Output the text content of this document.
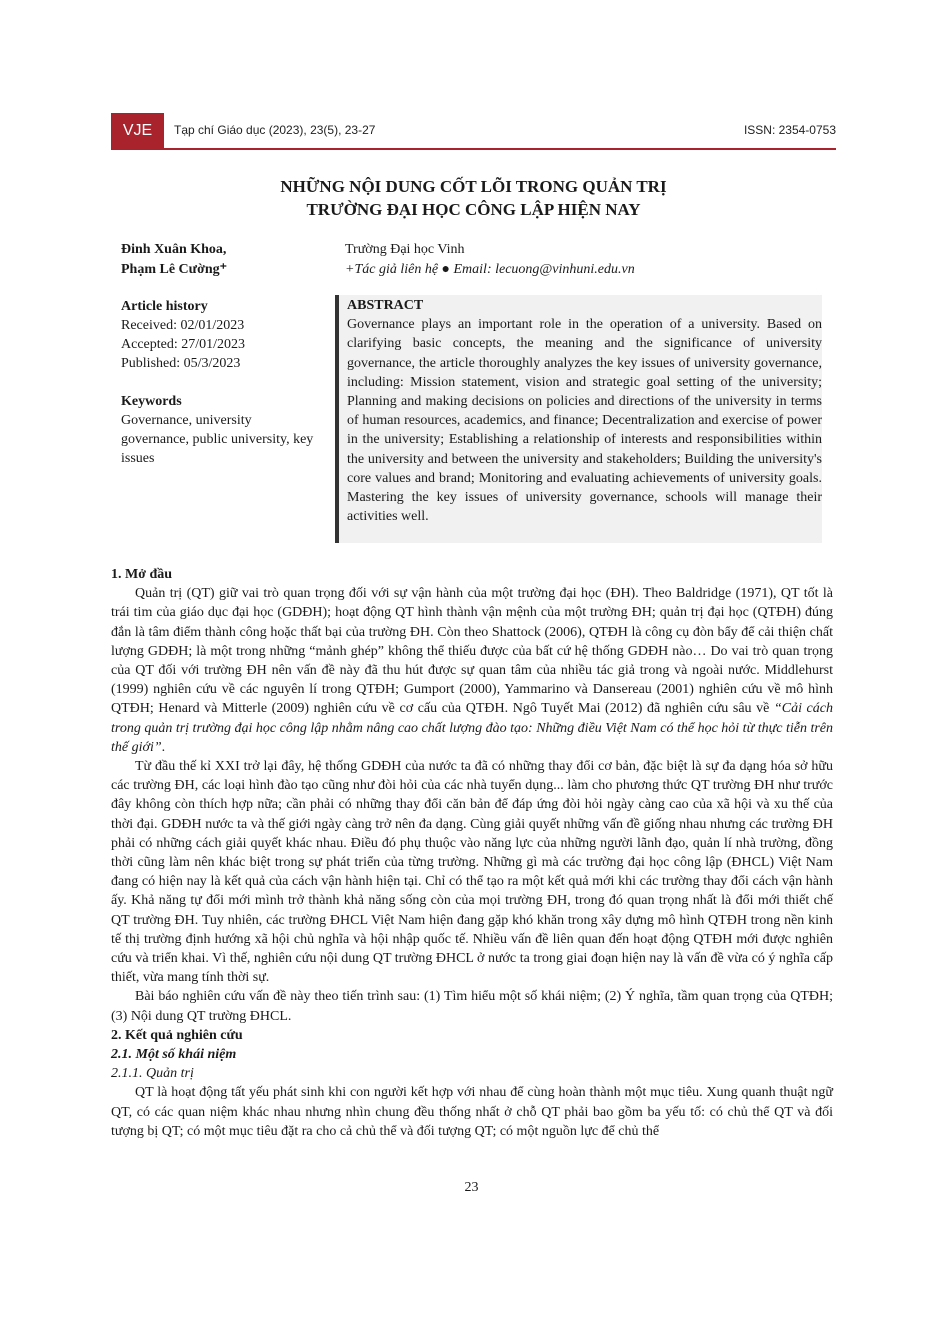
VJE	Tạp chí Giáo dục (2023), 23(5), 23-27	ISSN: 2354-0753
NHỮNG NỘI DUNG CỐT LÕI TRONG QUẢN TRỊ
TRƯỜNG ĐẠI HỌC CÔNG LẬP HIỆN NAY
Đinh Xuân Khoa,
Phạm Lê Cường⁺
Trường Đại học Vinh
+Tác giả liên hệ ● Email: lecuong@vinhuni.edu.vn
Article history
Received: 02/01/2023
Accepted: 27/01/2023
Published: 05/3/2023
Keywords
Governance, university governance, public university, key issues
ABSTRACT
Governance plays an important role in the operation of a university. Based on clarifying basic concepts, the meaning and the significance of university governance, the article thoroughly analyzes the key issues of university governance, including: Mission statement, vision and strategic goal setting of the university; Planning and making decisions on policies and directions of the university in terms of human resources, academics, and finance; Decentralization and exercise of power in the university; Establishing a relationship of interests and responsibilities within the university and between the university and stakeholders; Building the university's core values and brand; Monitoring and evaluating achievements of university goals. Mastering the key issues of university governance, schools will manage their activities well.
1. Mở đầu

Quản trị (QT) giữ vai trò quan trọng đối với sự vận hành của một trường đại học (ĐH). Theo Baldridge (1971), QT tốt là trái tim của giáo dục đại học (GDĐH); hoạt động QT hình thành vận mệnh của một trường ĐH; quản trị đại học (QTĐH) đúng đắn là tâm điểm thành công hoặc thất bại của trường ĐH. Còn theo Shattock (2006), QTĐH là công cụ đòn bẩy để cải thiện chất lượng GDĐH; là một trong những “mảnh ghép” không thể thiếu được của bất cứ hệ thống GDĐH nào… Do vai trò quan trọng của QT đối với trường ĐH nên vấn đề này đã thu hút được sự quan tâm của nhiều tác giả trong và ngoài nước. Middlehurst (1999) nghiên cứu về các nguyên lí trong QTĐH; Gumport (2000), Yammarino và Dansereau (2001) nghiên cứu về mô hình QTĐH; Henard và Mitterle (2009) nghiên cứu về cơ cấu của QTĐH. Ngô Tuyết Mai (2012) đã nghiên cứu sâu về “Cải cách trong quản trị trường đại học công lập nhằm nâng cao chất lượng đào tạo: Những điều Việt Nam có thể học hỏi từ thực tiễn trên thế giới”.

Từ đầu thế kỉ XXI trở lại đây, hệ thống GDĐH của nước ta đã có những thay đổi cơ bản, đặc biệt là sự đa dạng hóa sở hữu các trường ĐH, các loại hình đào tạo cũng như đòi hỏi của các nhà tuyển dụng... làm cho phương thức QT trường ĐH như trước đây không còn thích hợp nữa; cần phải có những thay đổi căn bản để đáp ứng đòi hỏi ngày càng cao của xã hội và xu thế của thời đại. GDĐH nước ta và thế giới ngày càng trở nên đa dạng. Cùng giải quyết những vấn đề giống nhau nhưng các trường ĐH phải có những cách giải quyết khác nhau. Điều đó phụ thuộc vào năng lực của những người lãnh đạo, quản lí nhà trường, đồng thời cũng làm nên khác biệt trong sự phát triển của từng trường. Những gì mà các trường đại học công lập (ĐHCL) Việt Nam đang có hiện nay là kết quả của cách vận hành hiện tại. Chỉ có thể tạo ra một kết quả mới khi các trường thay đổi cách vận hành ấy. Khả năng tự đổi mới mình trở thành khả năng sống còn của mọi trường ĐH, trong đó quan trọng nhất là đổi mới thiết chế QT trường ĐH. Tuy nhiên, các trường ĐHCL Việt Nam hiện đang gặp khó khăn trong xây dựng mô hình QTĐH trong nền kinh tế thị trường định hướng xã hội chủ nghĩa và hội nhập quốc tế. Nhiều vấn đề liên quan đến hoạt động QTĐH mới được nghiên cứu và triển khai. Vì thế, nghiên cứu nội dung QT trường ĐHCL ở nước ta trong giai đoạn hiện nay là vấn đề vừa có ý nghĩa cấp thiết, vừa mang tính thời sự.

Bài báo nghiên cứu vấn đề này theo tiến trình sau: (1) Tìm hiểu một số khái niệm; (2) Ý nghĩa, tầm quan trọng của QTĐH; (3) Nội dung QT trường ĐHCL.

2. Kết quả nghiên cứu
2.1. Một số khái niệm
2.1.1. Quản trị

QT là hoạt động tất yếu phát sinh khi con người kết hợp với nhau để cùng hoàn thành một mục tiêu. Xung quanh thuật ngữ QT, có các quan niệm khác nhau nhưng nhìn chung đều thống nhất ở chỗ QT phải bao gồm ba yếu tố: có chủ thể QT và đối tượng bị QT; có một mục tiêu đặt ra cho cả chủ thể và đối tượng QT; có một nguồn lực để chủ thể

23
